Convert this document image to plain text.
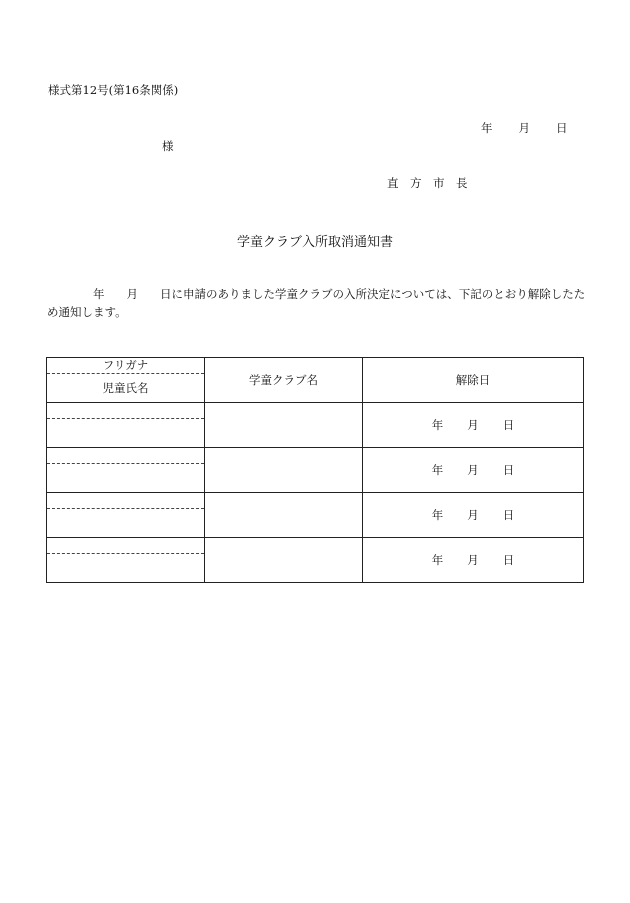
様式第12号(第16条関係)
年 月 日
様
直　方　市　長
学童クラブ入所取消通知書
年 月 日に申請のありました学童クラブの入所決定については、下記のとおり解除したため通知します。
フリガナ
児童氏名	学童クラブ名	解除日

		年 月 日

		年 月 日

		年 月 日

		年 月 日
